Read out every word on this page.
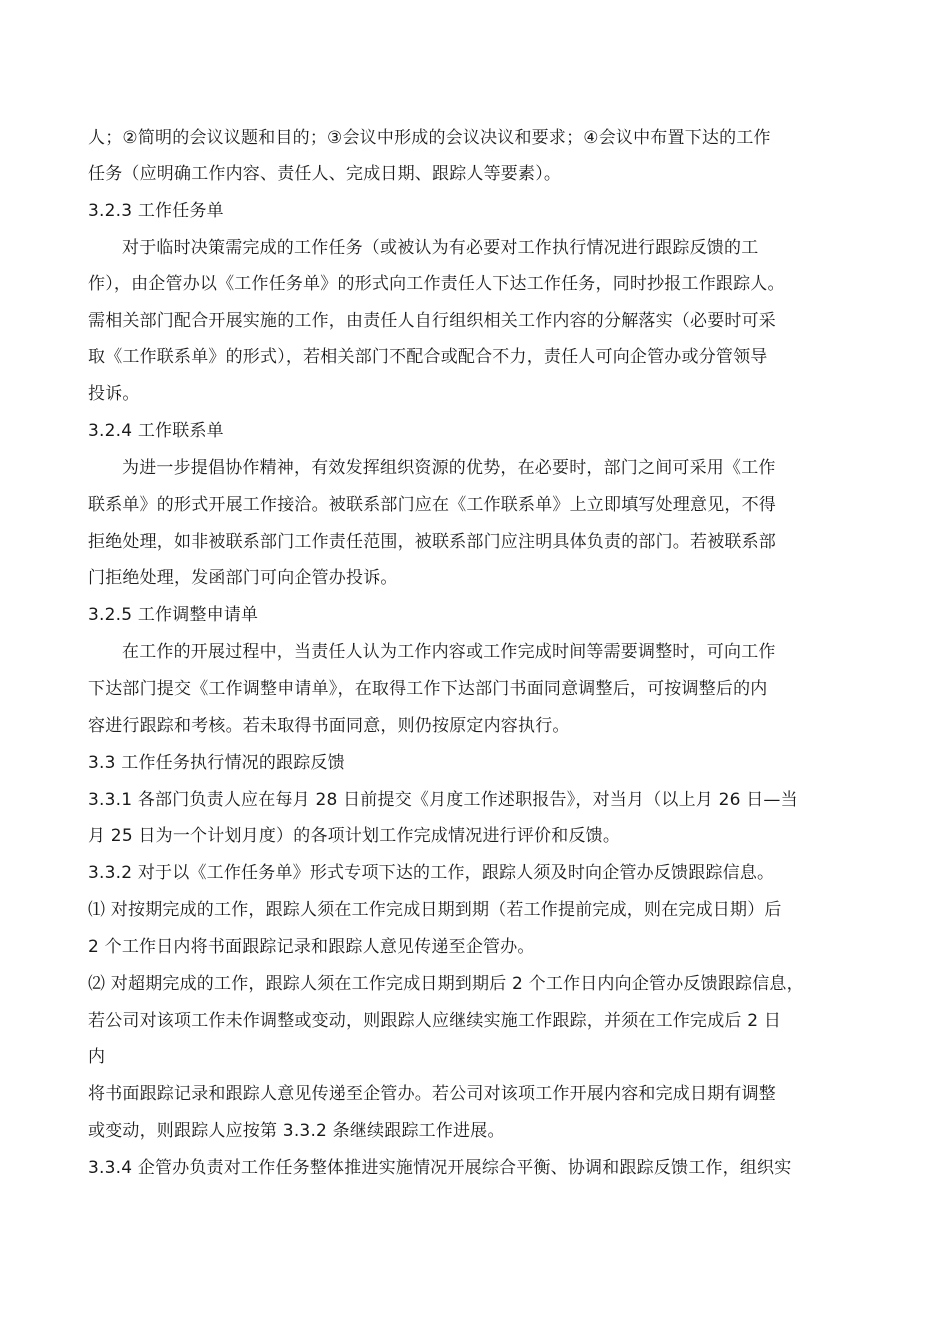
人；②简明的会议议题和目的；③会议中形成的会议决议和要求；④会议中布置下达的工作
任务（应明确工作内容、责任人、完成日期、跟踪人等要素）。
3.2.3 工作任务单
对于临时决策需完成的工作任务（或被认为有必要对工作执行情况进行跟踪反馈的工
作），由企管办以《工作任务单》的形式向工作责任人下达工作任务，同时抄报工作跟踪人。
需相关部门配合开展实施的工作，由责任人自行组织相关工作内容的分解落实（必要时可采
取《工作联系单》的形式），若相关部门不配合或配合不力，责任人可向企管办或分管领导
投诉。
3.2.4 工作联系单
为进一步提倡协作精神，有效发挥组织资源的优势，在必要时，部门之间可采用《工作
联系单》的形式开展工作接洽。被联系部门应在《工作联系单》上立即填写处理意见，不得
拒绝处理，如非被联系部门工作责任范围，被联系部门应注明具体负责的部门。若被联系部
门拒绝处理，发函部门可向企管办投诉。
3.2.5 工作调整申请单
在工作的开展过程中，当责任人认为工作内容或工作完成时间等需要调整时，可向工作
下达部门提交《工作调整申请单》，在取得工作下达部门书面同意调整后，可按调整后的内
容进行跟踪和考核。若未取得书面同意，则仍按原定内容执行。
3.3 工作任务执行情况的跟踪反馈
3.3.1 各部门负责人应在每月 28 日前提交《月度工作述职报告》，对当月（以上月 26 日—当
月 25 日为一个计划月度）的各项计划工作完成情况进行评价和反馈。
3.3.2 对于以《工作任务单》形式专项下达的工作，跟踪人须及时向企管办反馈跟踪信息。
⑴ 对按期完成的工作，跟踪人须在工作完成日期到期（若工作提前完成，则在完成日期）后
2 个工作日内将书面跟踪记录和跟踪人意见传递至企管办。
⑵ 对超期完成的工作，跟踪人须在工作完成日期到期后 2 个工作日内向企管办反馈跟踪信息，
若公司对该项工作未作调整或变动，则跟踪人应继续实施工作跟踪，并须在工作完成后 2 日
内
将书面跟踪记录和跟踪人意见传递至企管办。若公司对该项工作开展内容和完成日期有调整
或变动，则跟踪人应按第 3.3.2 条继续跟踪工作进展。
3.3.4 企管办负责对工作任务整体推进实施情况开展综合平衡、协调和跟踪反馈工作，组织实
